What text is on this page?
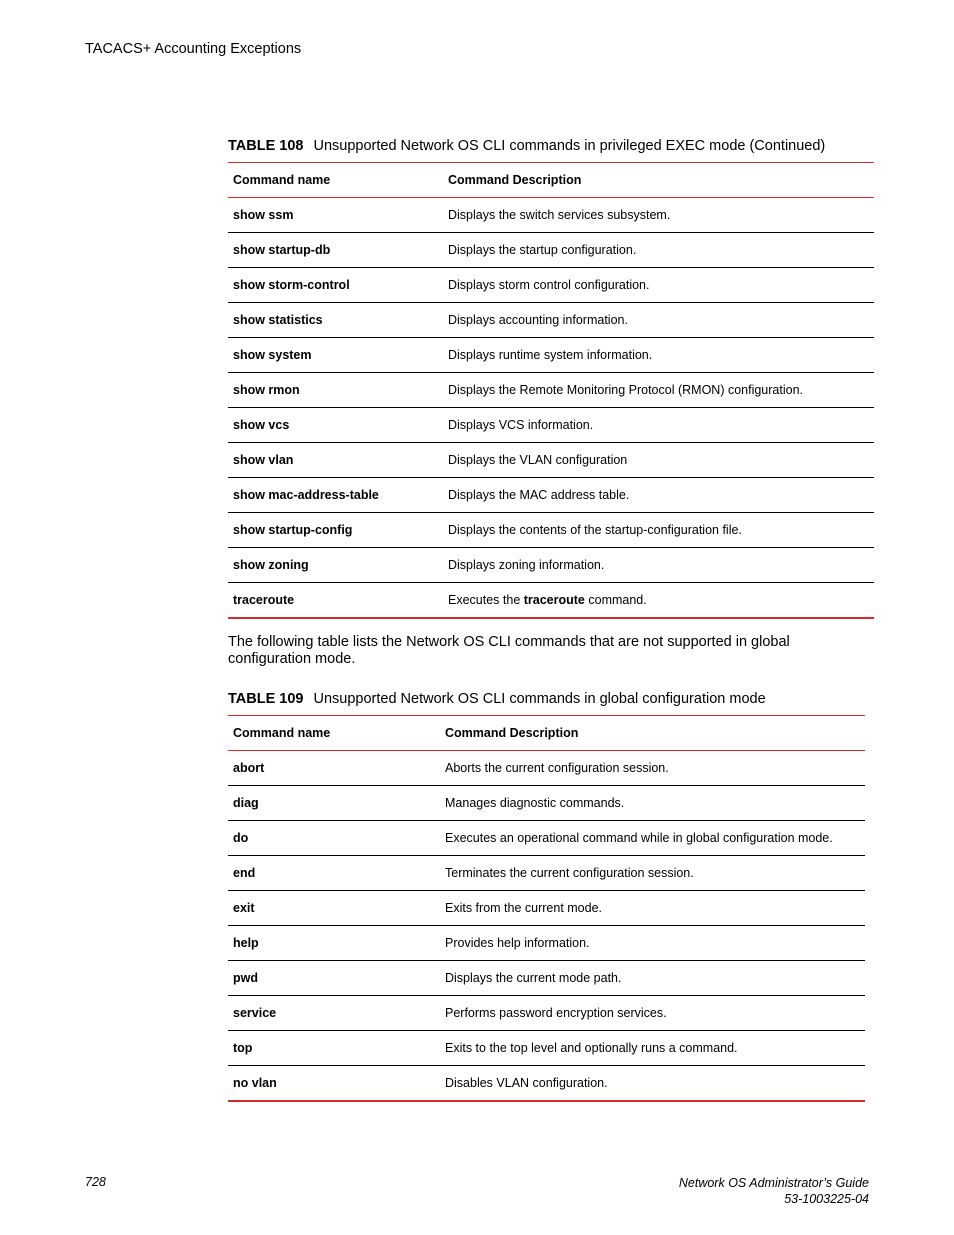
TACACS+ Accounting Exceptions
TABLE 108 Unsupported Network OS CLI commands in privileged EXEC mode (Continued)
Command name	Command Description
show ssm	Displays the switch services subsystem.
show startup-db	Displays the startup configuration.
show storm-control	Displays storm control configuration.
show statistics	Displays accounting information.
show system	Displays runtime system information.
show rmon	Displays the Remote Monitoring Protocol (RMON) configuration.
show vcs	Displays VCS information.
show vlan	Displays the VLAN configuration
show mac-address-table	Displays the MAC address table.
show startup-config	Displays the contents of the startup-configuration file.
show zoning	Displays zoning information.
traceroute	Executes the traceroute command.
The following table lists the Network OS CLI commands that are not supported in global configuration mode.
TABLE 109 Unsupported Network OS CLI commands in global configuration mode
Command name	Command Description
abort	Aborts the current configuration session.
diag	Manages diagnostic commands.
do	Executes an operational command while in global configuration mode.
end	Terminates the current configuration session.
exit	Exits from the current mode.
help	Provides help information.
pwd	Displays the current mode path.
service	Performs password encryption services.
top	Exits to the top level and optionally runs a command.
no vlan	Disables VLAN configuration.
728	Network OS Administrator’s Guide
53-1003225-04
